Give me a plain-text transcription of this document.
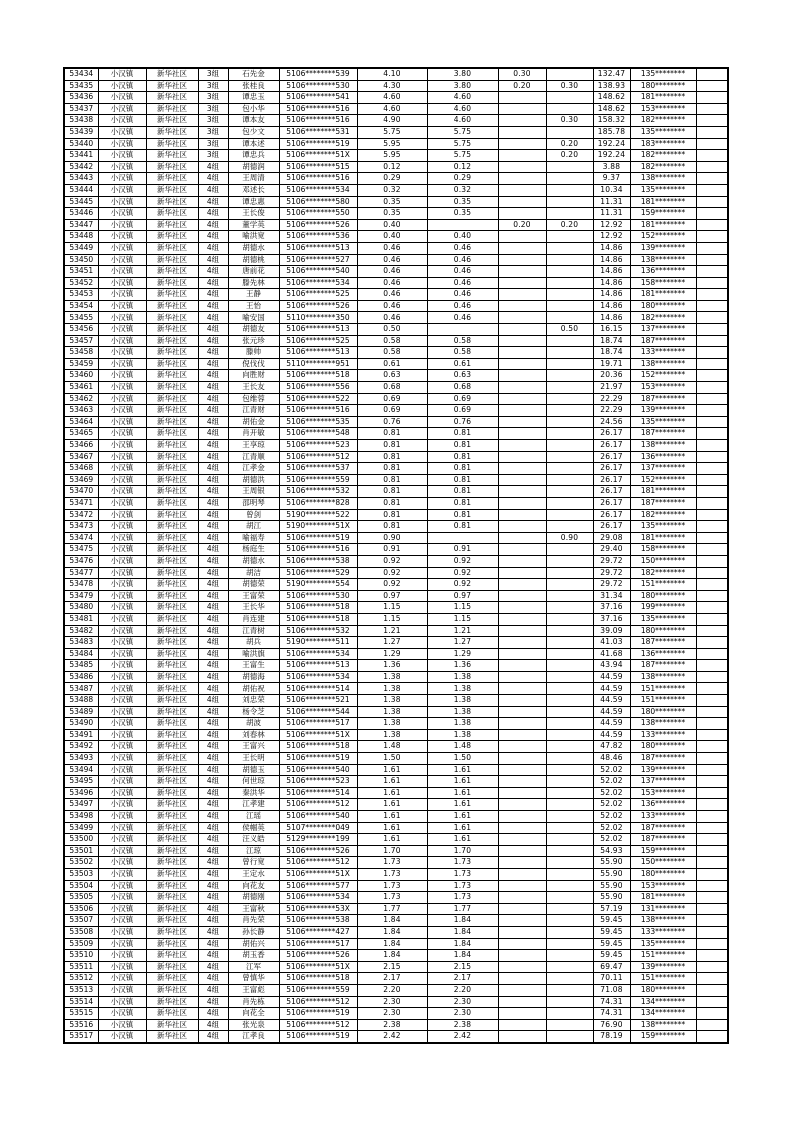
53434	小汉镇	新华社区	3组	石先金	5106********539	4.10	3.80	0.30		132.47	135********	
53435	小汉镇	新华社区	3组	张桂良	5106********530	4.30	3.80	0.20	0.30	138.93	180********	
53436	小汉镇	新华社区	3组	谭忠玉	5106********541	4.60	4.60			148.62	181********	
53437	小汉镇	新华社区	3组	包小华	5106********516	4.60	4.60			148.62	153********	
53438	小汉镇	新华社区	3组	谭本友	5106********516	4.90	4.60		0.30	158.32	182********	
53439	小汉镇	新华社区	3组	包少文	5106********531	5.75	5.75			185.78	135********	
53440	小汉镇	新华社区	3组	谭本述	5106********519	5.95	5.75		0.20	192.24	183********	
53441	小汉镇	新华社区	3组	谭忠兵	5106********51X	5.95	5.75		0.20	192.24	182********	
53442	小汉镇	新华社区	4组	胡德润	5106********515	0.12	0.12			3.88	182********	
53443	小汉镇	新华社区	4组	王周清	5106********516	0.29	0.29			9.37	138********	
53444	小汉镇	新华社区	4组	邓述长	5106********534	0.32	0.32			10.34	135********	
53445	小汉镇	新华社区	4组	谭忠惠	5106********580	0.35	0.35			11.31	181********	
53446	小汉镇	新华社区	4组	王长俊	5106********550	0.35	0.35			11.31	159********	
53447	小汉镇	新华社区	4组	董学英	5106********526	0.40		0.20	0.20	12.92	181********	
53448	小汉镇	新华社区	4组	喻洪宽	5106********536	0.40	0.40			12.92	152********	
53449	小汉镇	新华社区	4组	胡德水	5106********513	0.46	0.46			14.86	139********	
53450	小汉镇	新华社区	4组	胡德桃	5106********527	0.46	0.46			14.86	138********	
53451	小汉镇	新华社区	4组	唐前花	5106********540	0.46	0.46			14.86	136********	
53452	小汉镇	新华社区	4组	滕先林	5106********534	0.46	0.46			14.86	158********	
53453	小汉镇	新华社区	4组	王静	5106********525	0.46	0.46			14.86	181********	
53454	小汉镇	新华社区	4组	王怡	5106********526	0.46	0.46			14.86	180********	
53455	小汉镇	新华社区	4组	喻安国	5110********350	0.46	0.46			14.86	182********	
53456	小汉镇	新华社区	4组	胡德友	5106********513	0.50			0.50	16.15	137********	
53457	小汉镇	新华社区	4组	张元珍	5106********525	0.58	0.58			18.74	187********	
53458	小汉镇	新华社区	4组	滕帅	5106********513	0.58	0.58			18.74	133********	
53459	小汉镇	新华社区	4组	倪伐伐	5110********951	0.61	0.61			19.71	138********	
53460	小汉镇	新华社区	4组	向胜财	5106********518	0.63	0.63			20.36	152********	
53461	小汉镇	新华社区	4组	王长友	5106********556	0.68	0.68			21.97	153********	
53462	小汉镇	新华社区	4组	包维蓉	5106********522	0.69	0.69			22.29	187********	
53463	小汉镇	新华社区	4组	江青财	5106********516	0.69	0.69			22.29	139********	
53464	小汉镇	新华社区	4组	胡佑金	5106********535	0.76	0.76			24.56	135********	
53465	小汉镇	新华社区	4组	肖开敏	5106********548	0.81	0.81			26.17	187********	
53466	小汉镇	新华社区	4组	王享琼	5106********523	0.81	0.81			26.17	138********	
53467	小汉镇	新华社区	4组	江青顺	5106********512	0.81	0.81			26.17	136********	
53468	小汉镇	新华社区	4组	江孝金	5106********537	0.81	0.81			26.17	137********	
53469	小汉镇	新华社区	4组	胡德洪	5106********559	0.81	0.81			26.17	152********	
53470	小汉镇	新华社区	4组	王周银	5106********532	0.81	0.81			26.17	181********	
53471	小汉镇	新华社区	4组	邵明琴	5106********828	0.81	0.81			26.17	187********	
53472	小汉镇	新华社区	4组	曾剑	5190********522	0.81	0.81			26.17	182********	
53473	小汉镇	新华社区	4组	胡江	5190********51X	0.81	0.81			26.17	135********	
53474	小汉镇	新华社区	4组	喻福寿	5106********519	0.90			0.90	29.08	181********	
53475	小汉镇	新华社区	4组	杨庭生	5106********516	0.91	0.91			29.40	158********	
53476	小汉镇	新华社区	4组	胡德水	5106********538	0.92	0.92			29.72	150********	
53477	小汉镇	新华社区	4组	胡洁	5106********529	0.92	0.92			29.72	182********	
53478	小汉镇	新华社区	4组	胡德荣	5190********554	0.92	0.92			29.72	151********	
53479	小汉镇	新华社区	4组	王富荣	5106********530	0.97	0.97			31.34	180********	
53480	小汉镇	新华社区	4组	王长华	5106********518	1.15	1.15			37.16	199********	
53481	小汉镇	新华社区	4组	肖连建	5106********518	1.15	1.15			37.16	135********	
53482	小汉镇	新华社区	4组	江青树	5106********532	1.21	1.21			39.09	180********	
53483	小汉镇	新华社区	4组	胡兵	5190********511	1.27	1.27			41.03	187********	
53484	小汉镇	新华社区	4组	喻洪旗	5106********534	1.29	1.29			41.68	136********	
53485	小汉镇	新华社区	4组	王富生	5106********513	1.36	1.36			43.94	187********	
53486	小汉镇	新华社区	4组	胡德海	5106********534	1.38	1.38			44.59	138********	
53487	小汉镇	新华社区	4组	胡佑祝	5106********514	1.38	1.38			44.59	151********	
53488	小汉镇	新华社区	4组	刘忠荣	5106********521	1.38	1.38			44.59	151********	
53489	小汉镇	新华社区	4组	杨令芝	5106********544	1.38	1.38			44.59	180********	
53490	小汉镇	新华社区	4组	胡波	5106********517	1.38	1.38			44.59	138********	
53491	小汉镇	新华社区	4组	刘春林	5106********51X	1.38	1.38			44.59	133********	
53492	小汉镇	新华社区	4组	王富兴	5106********518	1.48	1.48			47.82	180********	
53493	小汉镇	新华社区	4组	王长明	5106********519	1.50	1.50			48.46	187********	
53494	小汉镇	新华社区	4组	胡德玉	5106********540	1.61	1.61			52.02	139********	
53495	小汉镇	新华社区	4组	何世琼	5106********523	1.61	1.61			52.02	137********	
53496	小汉镇	新华社区	4组	秦洪华	5106********514	1.61	1.61			52.02	153********	
53497	小汉镇	新华社区	4组	江孝建	5106********512	1.61	1.61			52.02	136********	
53498	小汉镇	新华社区	4组	江瑶	5106********540	1.61	1.61			52.02	133********	
53499	小汉镇	新华社区	4组	侯帼英	5107********049	1.61	1.61			52.02	187********	
53500	小汉镇	新华社区	4组	汪义皓	5129********199	1.61	1.61			52.02	187********	
53501	小汉镇	新华社区	4组	江琼	5106********526	1.70	1.70			54.93	159********	
53502	小汉镇	新华社区	4组	曾行宽	5106********512	1.73	1.73			55.90	150********	
53503	小汉镇	新华社区	4组	王定水	5106********51X	1.73	1.73			55.90	180********	
53504	小汉镇	新华社区	4组	向花友	5106********577	1.73	1.73			55.90	153********	
53505	小汉镇	新华社区	4组	胡德刚	5106********534	1.73	1.73			55.90	181********	
53506	小汉镇	新华社区	4组	王富秋	5106********53X	1.77	1.77			57.19	131********	
53507	小汉镇	新华社区	4组	肖先荣	5106********538	1.84	1.84			59.45	138********	
53508	小汉镇	新华社区	4组	孙长静	5106********427	1.84	1.84			59.45	133********	
53509	小汉镇	新华社区	4组	胡佑兴	5106********517	1.84	1.84			59.45	135********	
53510	小汉镇	新华社区	4组	胡玉香	5106********526	1.84	1.84			59.45	151********	
53511	小汉镇	新华社区	4组	江军	5106********51X	2.15	2.15			69.47	139********	
53512	小汉镇	新华社区	4组	曾慎华	5106********518	2.17	2.17			70.11	151********	
53513	小汉镇	新华社区	4组	王富彪	5106********559	2.20	2.20			71.08	180********	
53514	小汉镇	新华社区	4组	肖先栋	5106********512	2.30	2.30			74.31	134********	
53515	小汉镇	新华社区	4组	向花全	5106********519	2.30	2.30			74.31	134********	
53516	小汉镇	新华社区	4组	张光泉	5106********512	2.38	2.38			76.90	138********	
53517	小汉镇	新华社区	4组	江孝良	5106********519	2.42	2.42			78.19	159********	
